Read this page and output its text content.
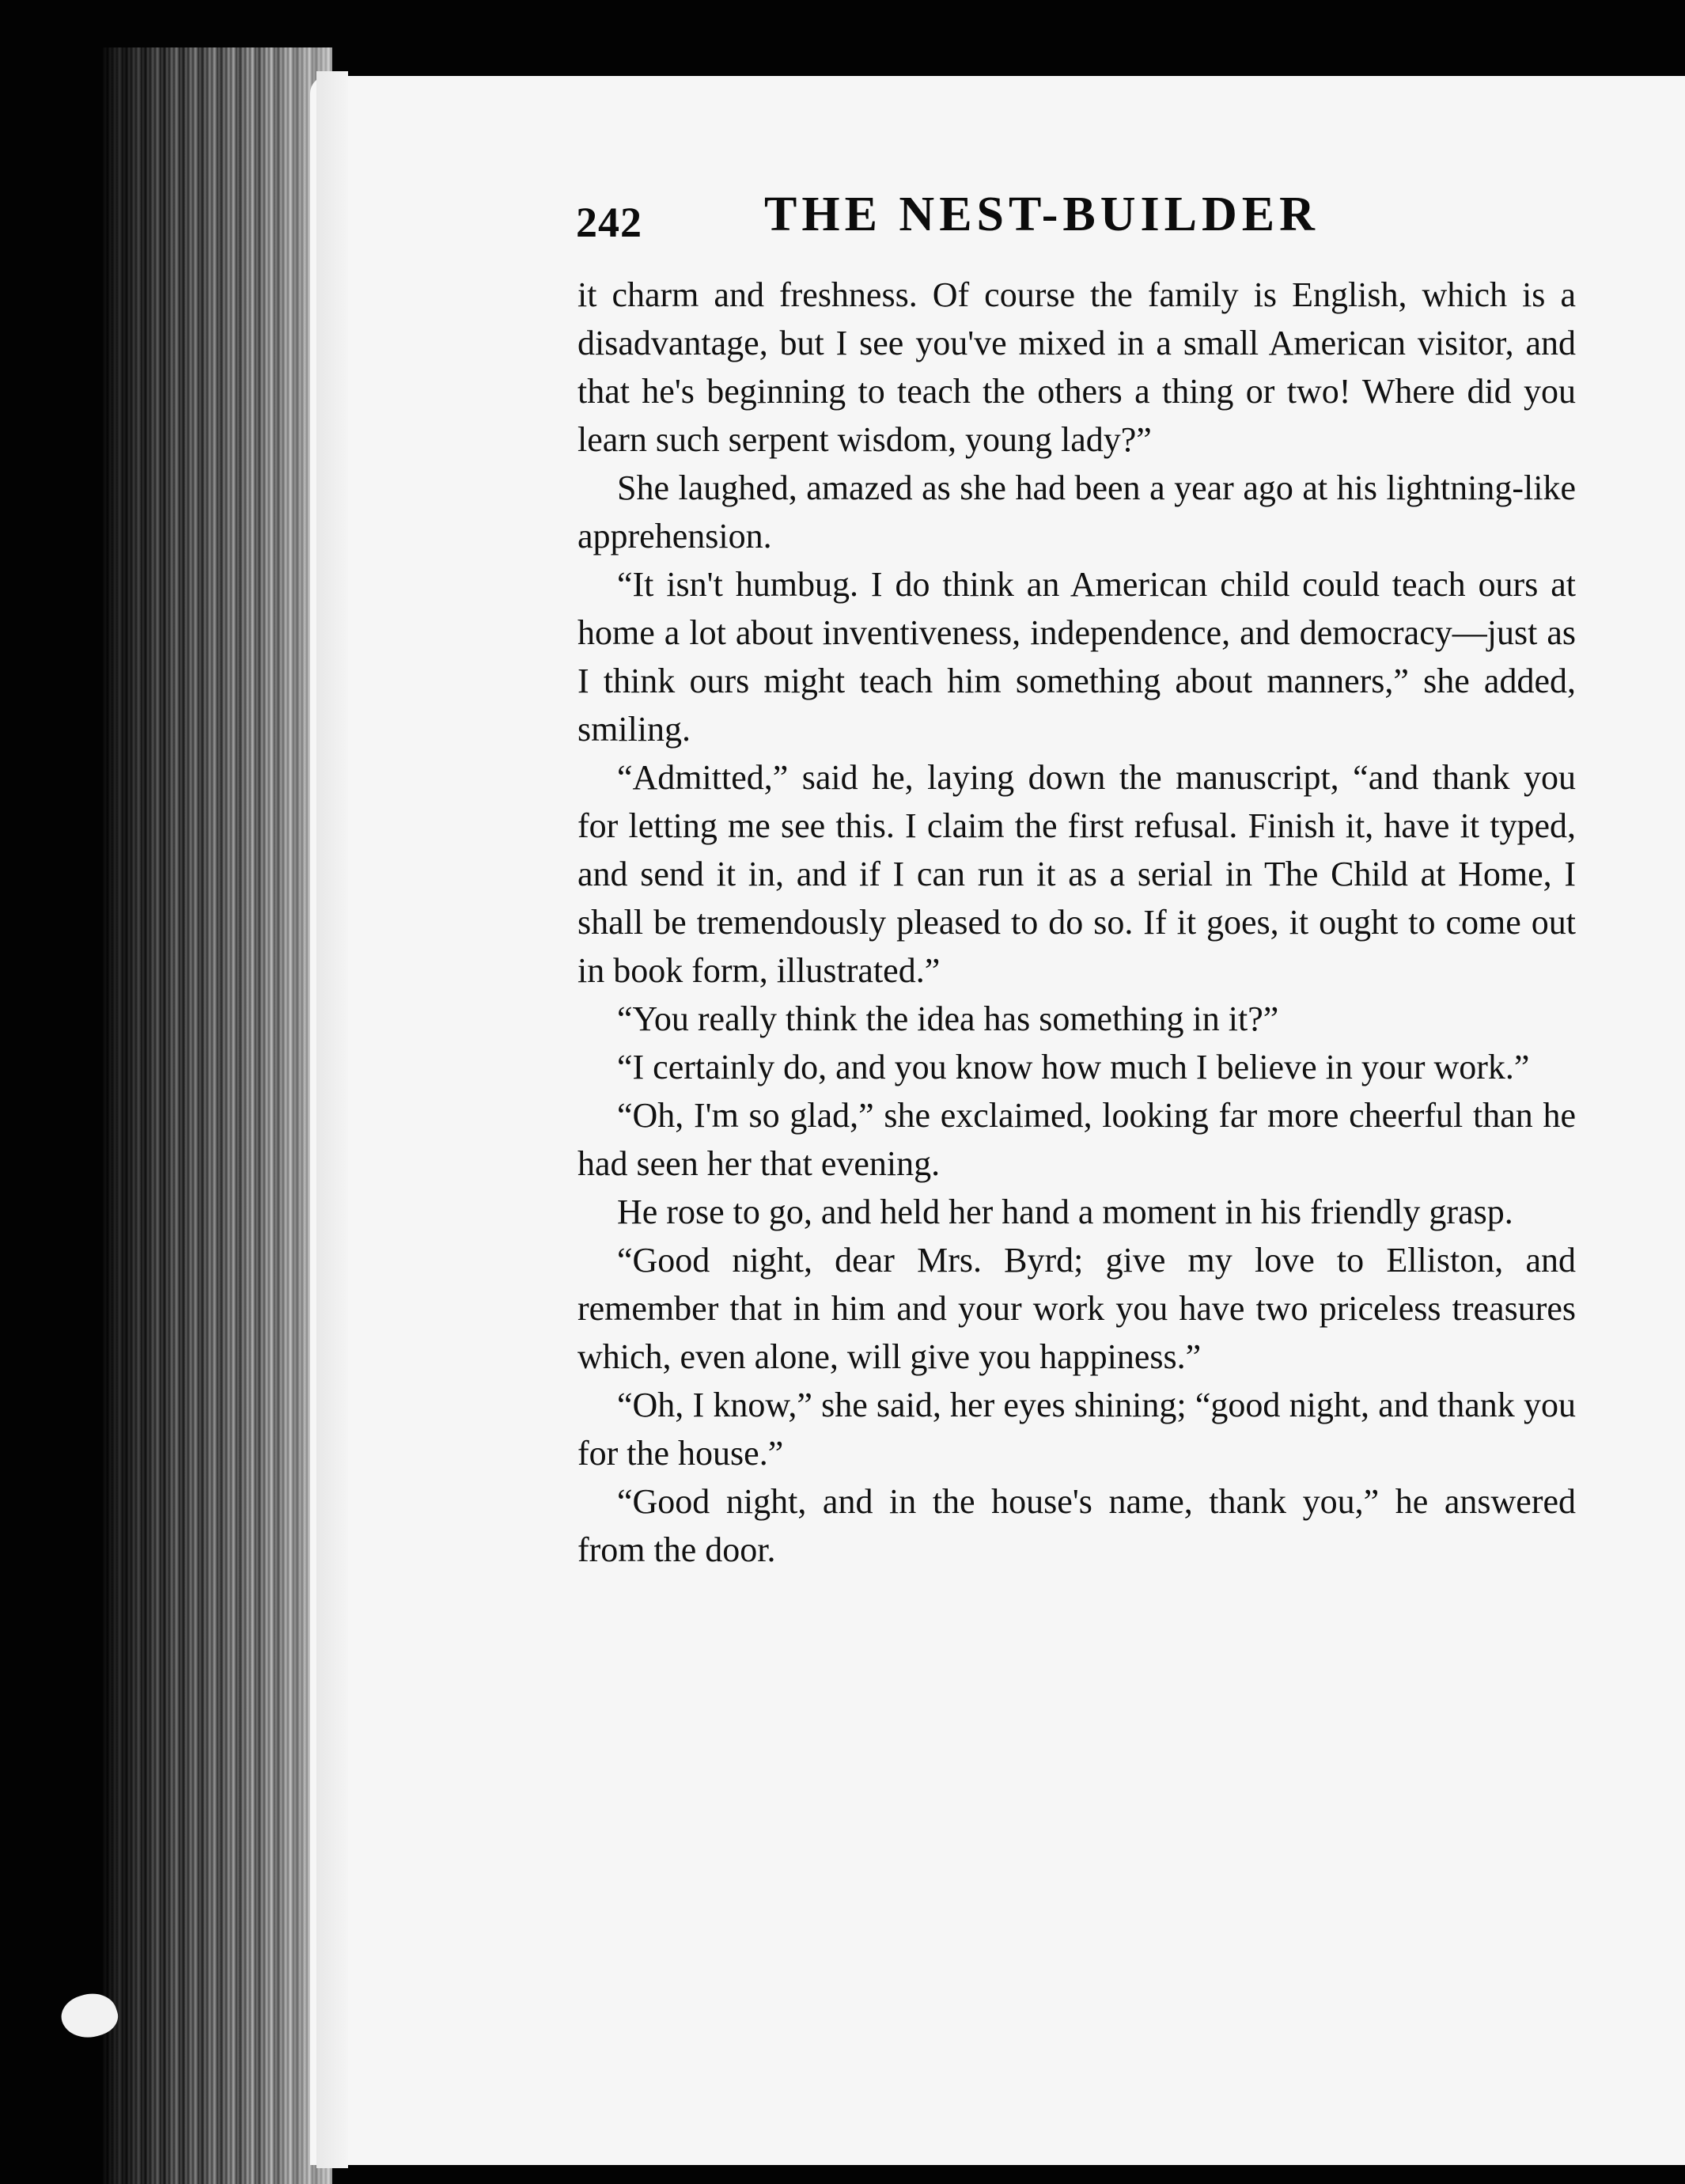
242 THE NEST-BUILDER

it charm and freshness. Of course the family is English, which is a disadvantage, but I see you've mixed in a small American visitor, and that he's beginning to teach the others a thing or two! Where did you learn such serpent wisdom, young lady?”

She laughed, amazed as she had been a year ago at his lightning-like apprehension.

“It isn't humbug. I do think an American child could teach ours at home a lot about inventiveness, independence, and democracy—just as I think ours might teach him something about manners,” she added, smiling.

“Admitted,” said he, laying down the manuscript, “and thank you for letting me see this. I claim the first refusal. Finish it, have it typed, and send it in, and if I can run it as a serial in The Child at Home, I shall be tremendously pleased to do so. If it goes, it ought to come out in book form, illustrated.”

“You really think the idea has something in it?”

“I certainly do, and you know how much I believe in your work.”

“Oh, I'm so glad,” she exclaimed, looking far more cheerful than he had seen her that evening.

He rose to go, and held her hand a moment in his friendly grasp.

“Good night, dear Mrs. Byrd; give my love to Elliston, and remember that in him and your work you have two priceless treasures which, even alone, will give you happiness.”

“Oh, I know,” she said, her eyes shining; “good night, and thank you for the house.”

“Good night, and in the house's name, thank you,” he answered from the door.
